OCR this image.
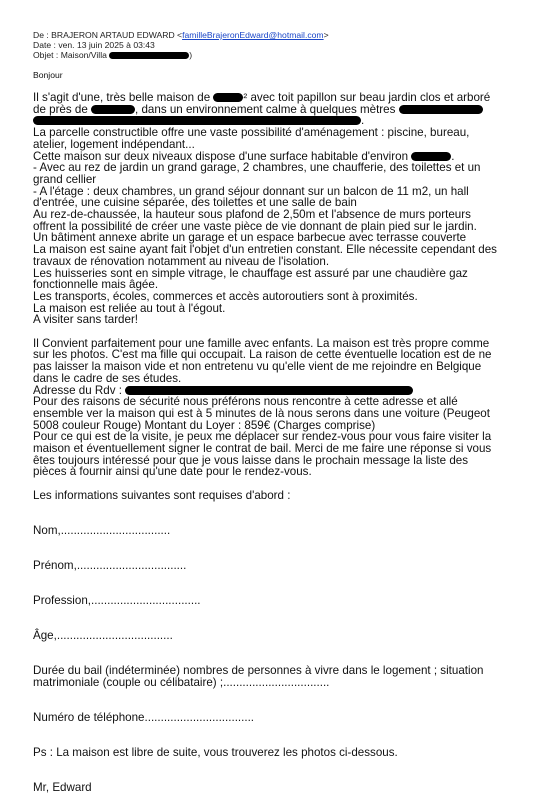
De : BRAJERON ARTAUD EDWARD <familleBrajeronEdward@hotmail.com>
Date : ven. 13 juin 2025 à 03:43
Objet : Maison/Villa	)
Bonjour

Il s'agit d'une, très belle maison de	² avec toit papillon sur beau jardin clos et arboré

de près de	, dans un environnement calme à quelques mètres

.

La parcelle constructible offre une vaste possibilité d'aménagement : piscine, bureau,

atelier, logement indépendant...

Cette maison sur deux niveaux dispose d'une surface habitable d'environ	.

- Avec au rez de jardin un grand garage, 2 chambres, une chaufferie, des toilettes et un

grand cellier

- A l'étage : deux chambres, un grand séjour donnant sur un balcon de 11 m2, un hall

d'entrée, une cuisine séparée, des toilettes et une salle de bain

Au rez-de-chaussée, la hauteur sous plafond de 2,50m et l'absence de murs porteurs

offrent la possibilité de créer une vaste pièce de vie donnant de plain pied sur le jardin.

Un bâtiment annexe abrite un garage et un espace barbecue avec terrasse couverte

La maison est saine ayant fait l'objet d'un entretien constant. Elle nécessite cependant des

travaux de rénovation notamment au niveau de l'isolation.

Les huisseries sont en simple vitrage, le chauffage est assuré par une chaudière gaz

fonctionnelle mais âgée.

Les transports, écoles, commerces et accès autoroutiers sont à proximités.

La maison est reliée au tout à l'égout.

A visiter sans tarder!

Il Convient parfaitement pour une famille avec enfants. La maison est très propre comme

sur les photos. C'est ma fille qui occupait. La raison de cette éventuelle location est de ne

pas laisser la maison vide et non entretenu vu qu'elle vient de me rejoindre en Belgique

dans le cadre de ses études.

Adresse du Rdv :

Pour des raisons de sécurité nous préférons nous rencontre à cette adresse et allé

ensemble ver la maison qui est à 5 minutes de là nous serons dans une voiture (Peugeot

5008 couleur Rouge) Montant du Loyer : 859€ (Charges comprise)

Pour ce qui est de la visite, je peux me déplacer sur rendez-vous pour vous faire visiter la

maison et éventuellement signer le contrat de bail. Merci de me faire une réponse si vous

êtes toujours intéressé pour que je vous laisse dans le prochain message la liste des

pièces à fournir ainsi qu'une date pour le rendez-vous.

Les informations suivantes sont requises d'abord :

Nom,..................................

Prénom,..................................

Profession,..................................

Âge,....................................

Durée du bail (indéterminée) nombres de personnes à vivre dans le logement ; situation

matrimoniale (couple ou célibataire) ;.................................

Numéro de téléphone..................................

Ps : La maison est libre de suite, vous trouverez les photos ci-dessous.

Mr, Edward
